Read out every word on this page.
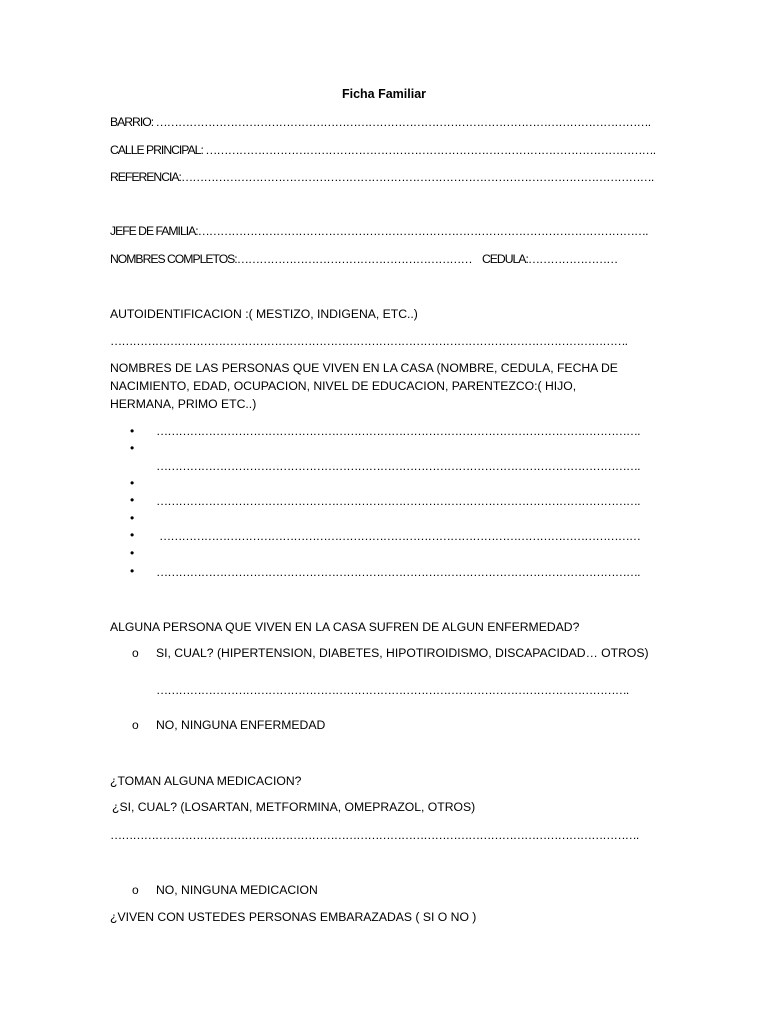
Ficha Familiar
BARRIO: …………………………………………………………………………………………………………………….
CALLE PRINCIPAL: ………………………………………………………………………………………………………….
REFERENCIA:……………………………………………………………………………………………………………….
JEFE DE FAMILIA:………………………………………………………………………………………………………….
NOMBRES COMPLETOS:……………………………………………………… CEDULA:……………………
AUTOIDENTIFICACION :( MESTIZO, INDIGENA, ETC..)
………………………………………………………………………………………………………………………….
NOMBRES DE LAS PERSONAS QUE VIVEN EN LA CASA (NOMBRE, CEDULA, FECHA DE NACIMIENTO, EDAD, OCUPACION, NIVEL DE EDUCACION, PARENTEZCO:( HIJO, HERMANA, PRIMO ETC..)
•
•
•
•
•
•
•
•
………………………………………………………………………………………………………………….
………………………………………………………………………………………………………………….
………………………………………………………………………………………………………………….
…………………………………………………………………………………………………………………
………………………………………………………………………………………………………………….
ALGUNA PERSONA QUE VIVEN EN LA CASA SUFREN DE ALGUN ENFERMEDAD?
o SI, CUAL? (HIPERTENSION, DIABETES, HIPOTIROIDISMO, DISCAPACIDAD… OTROS)
……………………………………………………………………………………………………………….
o NO, NINGUNA ENFERMEDAD
¿TOMAN ALGUNA MEDICACION?
¿SI, CUAL? (LOSARTAN, METFORMINA, OMEPRAZOL, OTROS)
…………………………………………………………………………………………………………………………….
o NO, NINGUNA MEDICACION
¿VIVEN CON USTEDES PERSONAS EMBARAZADAS ( SI O NO )
